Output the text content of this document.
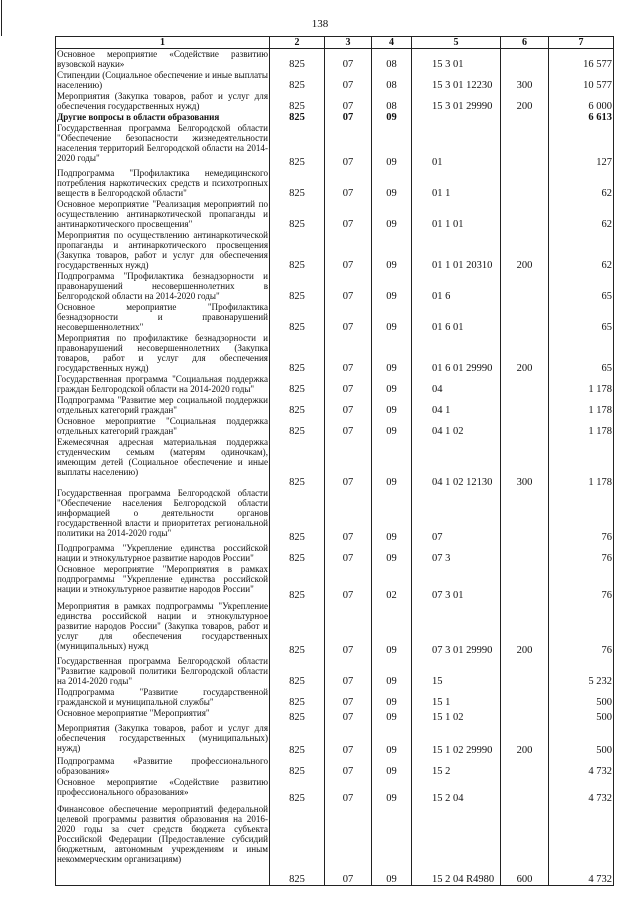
138
1	2	3	4	5	6	7
Основное мероприятие «Содействие развитию вузовской науки»	825	07	08	15 3 01		16 577
Стипендии (Социальное обеспечение и иные выплаты населению)	825	07	08	15 3 01 12230	300	10 577
Мероприятия (Закупка товаров, работ и услуг для обеспечения государственных нужд)	825	07	08	15 3 01 29990	200	6 000
Другие вопросы в области образования	825	07	09			6 613
Государственная программа Белгородской области "Обеспечение безопасности жизнедеятельности населения территорий Белгородской области на 2014-2020 годы"	825	07	09	01		127
Подпрограмма "Профилактика немедицинского потребления наркотических средств и психотропных веществ в Белгородской области"	825	07	09	01 1		62
Основное мероприятие "Реализация мероприятий по осуществлению антинаркотической пропаганды и антинаркотического просвещения"	825	07	09	01 1 01		62
Мероприятия по осуществлению антинаркотической пропаганды и антинаркотического просвещения (Закупка товаров, работ и услуг для обеспечения государственных нужд)	825	07	09	01 1 01 20310	200	62
Подпрограмма "Профилактика безнадзорности и правонарушений несовершеннолетних в Белгородской области на 2014-2020 годы"	825	07	09	01 6		65
Основное мероприятие "Профилактика безнадзорности и правонарушений несовершеннолетних"	825	07	09	01 6 01		65
Мероприятия по профилактике безнадзорности и правонарушений несовершеннолетних (Закупка товаров, работ и услуг для обеспечения государственных нужд)	825	07	09	01 6 01 29990	200	65
Государственная программа "Социальная поддержка граждан Белгородской области на 2014-2020 годы"	825	07	09	04		1 178
Подпрограмма "Развитие мер социальной поддержки отдельных категорий граждан"	825	07	09	04 1		1 178
Основное мероприятие "Социальная поддержка отдельных категорий граждан"	825	07	09	04 1 02		1 178
Ежемесячная адресная материальная поддержка студенческим семьям (матерям одиночкам), имеющим детей (Социальное обеспечение и иные выплаты населению)	825	07	09	04 1 02 12130	300	1 178
Государственная программа Белгородской области "Обеспечение населения Белгородской области информацией о деятельности органов государственной власти и приоритетах региональной политики на 2014-2020 годы"	825	07	09	07		76
Подпрограмма "Укрепление единства российской нации и этнокультурное развитие народов России"	825	07	09	07 3		76
Основное мероприятие "Мероприятия в рамках подпрограммы "Укрепление единства российской нации и этнокультурное развитие народов России"	825	07	02	07 3 01		76
Мероприятия в рамках подпрограммы "Укрепление единства российской нации и этнокультурное развитие народов России" (Закупка товаров, работ и услуг для обеспечения государственных (муниципальных) нужд	825	07	09	07 3 01 29990	200	76
Государственная программа Белгородской области "Развитие кадровой политики Белгородской области на 2014-2020 годы"	825	07	09	15		5 232
Подпрограмма "Развитие государственной гражданской и муниципальной службы"	825	07	09	15 1		500
Основное мероприятие "Мероприятия"	825	07	09	15 1 02		500
Мероприятия (Закупка товаров, работ и услуг для обеспечения государственных (муниципальных) нужд)	825	07	09	15 1 02 29990	200	500
Подпрограмма «Развитие профессионального образования»	825	07	09	15 2		4 732
Основное мероприятие «Содействие развитию профессионального образования»	825	07	09	15 2 04		4 732
Финансовое обеспечение мероприятий федеральной целевой программы развития образования на 2016-2020 годы за счет средств бюджета субъекта Российской Федерации (Предоставление субсидий бюджетным, автономным учреждениям и иным некоммерческим организациям)	825	07	09	15 2 04 R4980	600	4 732
